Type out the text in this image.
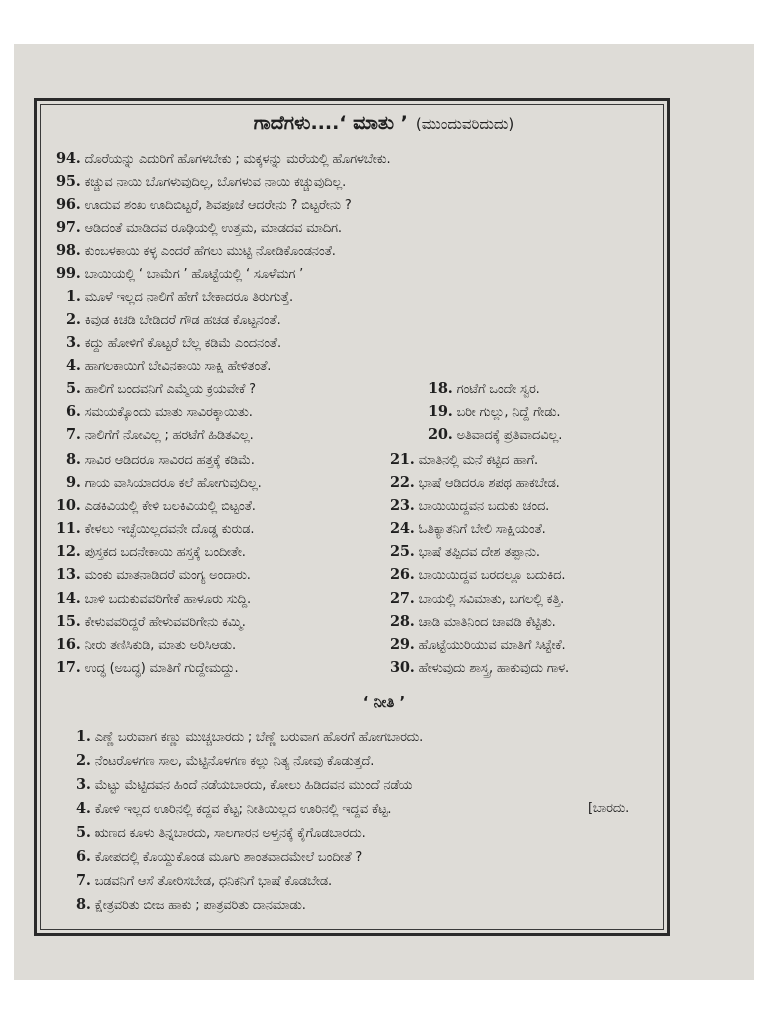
ಗಾದೆಗಳು....‘ ಮಾತು ’ (ಮುಂದುವರಿದುದು)
94. ದೊರೆಯನ್ನು ಎದುರಿಗೆ ಹೊಗಳಬೇಕು ; ಮಕ್ಕಳನ್ನು ಮರೆಯಲ್ಲಿ ಹೊಗಳಬೇಕು.
95. ಕಚ್ಚುವ ನಾಯಿ ಬೊಗಳುವುದಿಲ್ಲ, ಬೊಗಳುವ ನಾಯಿ ಕಚ್ಚುವುದಿಲ್ಲ.
96. ಊದುವ ಶಂಖ ಊದಿಬಿಟ್ಟರೆ, ಶಿವಪೂಜೆ ಆದರೇನು ? ಬಿಟ್ಟರೇನು ?
97. ಆಡಿದಂತೆ ಮಾಡಿದವ ರೂಢಿಯಲ್ಲಿ ಉತ್ತಮ, ಮಾಡದವ ಮಾದಿಗ.
98. ಕುಂಬಳಕಾಯಿ ಕಳ್ಳ ಎಂದರೆ ಹೆಗಲು ಮುಟ್ಟಿ ನೋಡಿಕೊಂಡನಂತೆ.
99. ಬಾಯಿಯಲ್ಲಿ ‘ ಬಾಮೆಗ ’ ಹೊಟ್ಟೆಯಲ್ಲಿ ‘ ಸೂಳೆಮಗ ’
1. ಮೂಳೆ ಇಲ್ಲದ ನಾಲಿಗೆ ಹೇಗೆ ಬೇಕಾದರೂ ತಿರುಗುತ್ತೆ.
2. ಕಿವುಡ ಕಿಚಡಿ ಬೇಡಿದರೆ ಗೌಡ ಹಚಡ ಕೊಟ್ಟನಂತೆ.
3. ಕದ್ದು ಹೋಳಿಗೆ ಕೊಟ್ಟರೆ ಬೆಲ್ಲ ಕಡಿಮೆ ಎಂದನಂತೆ.
4. ಹಾಗಲಕಾಯಿಗೆ ಬೇವಿನಕಾಯಿ ಸಾಕ್ಷಿ ಹೇಳಿತಂತೆ.
5. ಹಾಲಿಗೆ ಬಂದವನಿಗೆ ಎಮ್ಮೆಯ ಕ್ರಯವೇಕೆ ?
6. ಸಮಯಕ್ಕೊಂದು ಮಾತು ಸಾವಿರಕ್ಕಾಯಿತು.
7. ನಾಲಿಗೆಗೆ ನೋವಿಲ್ಲ ; ಹರಟೆಗೆ ಹಿಡಿತವಿಲ್ಲ.
8. ಸಾವಿರ ಆಡಿದರೂ ಸಾವಿರದ ಹತ್ತಕ್ಕೆ ಕಡಿಮೆ.
9. ಗಾಯ ವಾಸಿಯಾದರೂ ಕಲೆ ಹೋಗುವುದಿಲ್ಲ.
10. ಎಡಕಿವಿಯಲ್ಲಿ ಕೇಳಿ ಬಲಕಿವಿಯಲ್ಲಿ ಬಿಟ್ಟಂತೆ.
11. ಕೇಳಲು ಇಚ್ಛೆಯಿಲ್ಲದವನೇ ದೊಡ್ಡ ಕುರುಡ.
12. ಪುಸ್ತಕದ ಬದನೇಕಾಯಿ ಹಸ್ತಕ್ಕೆ ಬಂದೀತೇ.
13. ಮಂಕು ಮಾತನಾಡಿದರೆ ಮಂಗ್ಯ ಅಂದಾರು.
14. ಬಾಳಿ ಬದುಕುವವರಿಗೇಕೆ ಹಾಳೂರು ಸುದ್ದಿ.
15. ಕೇಳುವವರಿದ್ದರೆ ಹೇಳುವವರಿಗೇನು ಕಮ್ಮಿ.
16. ನೀರು ತಣಿಸಿಕುಡಿ, ಮಾತು ಅರಿಸಿಆಡು.
17. ಉದ್ಧ (ಅಬದ್ಧ) ಮಾತಿಗೆ ಗುದ್ದೇಮದ್ದು.
18. ಗಂಟೆಗೆ ಒಂದೇ ಸ್ವರ.
19. ಬರೀ ಗುಲ್ಲು, ನಿದ್ದೆ ಗೇಡು.
20. ಅತಿವಾದಕ್ಕೆ ಪ್ರತಿವಾದವಿಲ್ಲ.
21. ಮಾತಿನಲ್ಲಿ ಮನೆ ಕಟ್ಟಿದ ಹಾಗೆ.
22. ಭಾಷೆ ಆಡಿದರೂ ಶಪಥ ಹಾಕಬೇಡ.
23. ಬಾಯಿಯಿದ್ದವನ ಬದುಕು ಚಂದ.
24. ಓತಿಕ್ಯಾತನಿಗೆ ಬೇಲಿ ಸಾಕ್ಷಿಯಂತೆ.
25. ಭಾಷೆ ತಪ್ಪಿದವ ದೇಶ ತಪ್ಪಾನು.
26. ಬಾಯಿಯಿದ್ದವ ಬರದಲ್ಲೂ ಬದುಕಿದ.
27. ಬಾಯಲ್ಲಿ ಸವಿಮಾತು, ಬಗಲಲ್ಲಿ ಕತ್ತಿ.
28. ಚಾಡಿ ಮಾತಿನಿಂದ ಚಾವಡಿ ಕೆಟ್ಟಿತು.
29. ಹೊಟ್ಟೆಯುರಿಯುವ ಮಾತಿಗೆ ಸಿಟ್ಟೇಕೆ.
30. ಹೇಳುವುದು ಶಾಸ್ತ್ರ, ಹಾಕುವುದು ಗಾಳ.
‘ ನೀತಿ ’
1. ಎಣ್ಣೆ ಬರುವಾಗ ಕಣ್ಣು ಮುಚ್ಚಬಾರದು ; ಬೆಣ್ಣೆ ಬರುವಾಗ ಹೊರಗೆ ಹೋಗಬಾರದು.
2. ನೆಂಟರೊಳಗಣ ಸಾಲ, ಮೆಟ್ಟಿನೊಳಗಣ ಕಲ್ಲು ನಿತ್ಯ ನೋವು ಕೊಡುತ್ತದೆ.
3. ಮೆಟ್ಟು ಮೆಟ್ಟಿದವನ ಹಿಂದೆ ನಡೆಯಬಾರದು, ಕೋಲು ಹಿಡಿದವನ ಮುಂದೆ ನಡೆಯ
4. ಕೋಳಿ ಇಲ್ಲದ ಊರಿನಲ್ಲಿ ಕದ್ದವ ಕೆಟ್ಟ; ನೀತಿಯಿಲ್ಲದ ಊರಿನಲ್ಲಿ ಇದ್ದವ ಕೆಟ್ಟ.	[ಬಾರದು.
5. ಋಣದ ಕೂಳು ತಿನ್ನಬಾರದು, ಸಾಲಗಾರನ ಅಳ್ತನಕ್ಕೆ ಕೈಗೊಡಬಾರದು.
6. ಕೋಪದಲ್ಲಿ ಕೊಯ್ದುಕೊಂಡ ಮೂಗು ಶಾಂತವಾದಮೇಲೆ ಬಂದೀತೆ ?
7. ಬಡವನಿಗೆ ಆಸೆ ತೋರಿಸಬೇಡ, ಧನಿಕನಿಗೆ ಭಾಷೆ ಕೊಡಬೇಡ.
8. ಕ್ಷೇತ್ರವರಿತು ಬೀಜ ಹಾಕು ; ಪಾತ್ರವರಿತು ದಾನಮಾಡು.
